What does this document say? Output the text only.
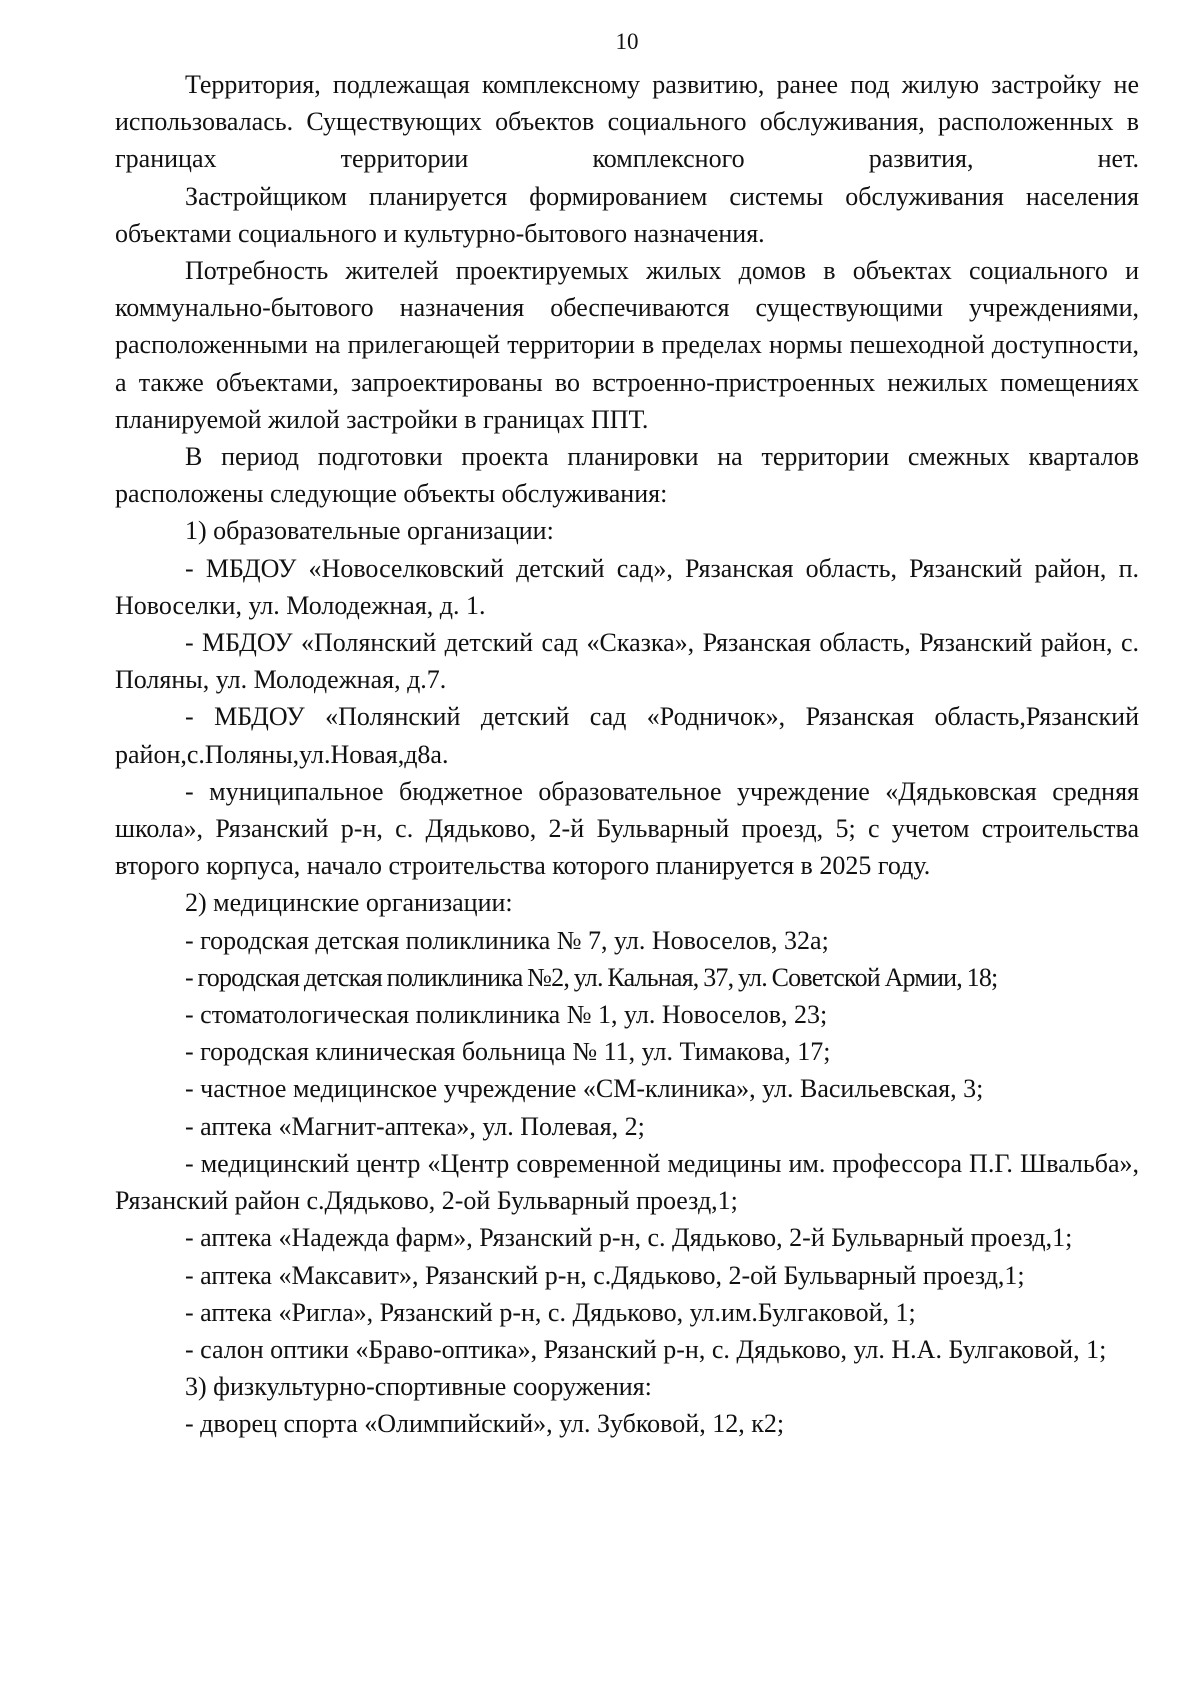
10

Территория, подлежащая комплексному развитию, ранее под жилую застройку не использовалась. Существующих объектов социального обслуживания, расположенных в границах территории комплексного развития, нет.

Застройщиком планируется формированием системы обслуживания населения объектами социального и культурно-бытового назначения.

Потребность жителей проектируемых жилых домов в объектах социального и коммунально-бытового назначения обеспечиваются существующими учреждениями, расположенными на прилегающей территории в пределах нормы пешеходной доступности, а также объектами, запроектированы во встроенно-пристроенных нежилых помещениях планируемой жилой застройки в границах ППТ.

В период подготовки проекта планировки на территории смежных кварталов расположены следующие объекты обслуживания:

1) образовательные организации:

- МБДОУ «Новоселковский детский сад», Рязанская область, Рязанский район, п. Новоселки, ул. Молодежная, д. 1.

- МБДОУ «Полянский детский сад «Сказка», Рязанская область, Рязанский район, с. Поляны, ул. Молодежная, д.7.

- МБДОУ «Полянский детский сад «Родничок», Рязанская область,Рязанский район,с.Поляны,ул.Новая,д8а.

- муниципальное бюджетное образовательное учреждение «Дядьковская средняя школа», Рязанский р-н, с. Дядьково, 2-й Бульварный проезд, 5; с учетом строительства второго корпуса, начало строительства которого планируется в 2025 году.

2) медицинские организации:

- городская детская поликлиника № 7, ул. Новоселов, 32а;

- городская детская поликлиника №2, ул. Кальная, 37, ул. Советской Армии, 18;

- стоматологическая поликлиника № 1, ул. Новоселов, 23;

- городская клиническая больница № 11, ул. Тимакова, 17;

- частное медицинское учреждение «СМ-клиника», ул. Васильевская, 3;

- аптека «Магнит-аптека», ул. Полевая, 2;

- медицинский центр «Центр современной медицины им. профессора П.Г. Швальба», Рязанский район с.Дядьково, 2-ой Бульварный проезд,1;

- аптека «Надежда фарм», Рязанский р-н, с. Дядьково, 2-й Бульварный проезд,1;

- аптека «Максавит», Рязанский р-н, с.Дядьково, 2-ой Бульварный проезд,1;

- аптека «Ригла», Рязанский р-н, с. Дядьково, ул.им.Булгаковой, 1;

- салон оптики «Браво-оптика», Рязанский р-н, с. Дядьково, ул. Н.А. Булгаковой, 1;

3) физкультурно-спортивные сооружения:

- дворец спорта «Олимпийский», ул. Зубковой, 12, к2;
